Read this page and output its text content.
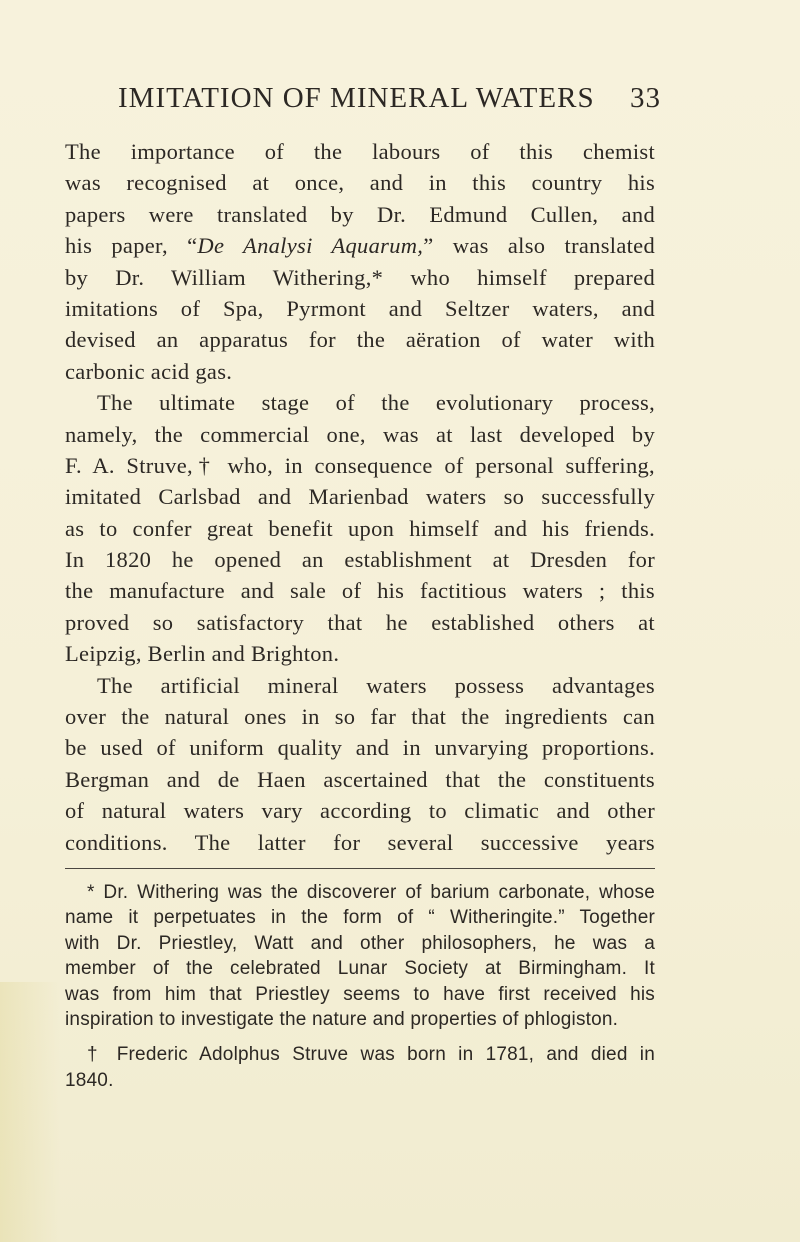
IMITATION OF MINERAL WATERS 33
The importance of the labours of this chemist
was recognised at once, and in this country his
papers were translated by Dr. Edmund Cullen, and
his paper, “De Analysi Aquarum,” was also translated
by Dr. William Withering,* who himself prepared
imitations of Spa, Pyrmont and Seltzer waters, and
devised an apparatus for the aëration of water with
carbonic acid gas.
The ultimate stage of the evolutionary process,
namely, the commercial one, was at last developed by
F. A. Struve,† who, in consequence of personal suffering,
imitated Carlsbad and Marienbad waters so successfully
as to confer great benefit upon himself and his friends.
In 1820 he opened an establishment at Dresden for
the manufacture and sale of his factitious waters ; this
proved so satisfactory that he established others at
Leipzig, Berlin and Brighton.
The artificial mineral waters possess advantages
over the natural ones in so far that the ingredients can
be used of uniform quality and in unvarying proportions.
Bergman and de Haen ascertained that the constituents
of natural waters vary according to climatic and other
conditions. The latter for several successive years
* Dr. Withering was the discoverer of barium carbonate, whose
name it perpetuates in the form of “ Witheringite.” Together
with Dr. Priestley, Watt and other philosophers, he was a
member of the celebrated Lunar Society at Birmingham. It
was from him that Priestley seems to have first received his
inspiration to investigate the nature and properties of phlogiston.
† Frederic Adolphus Struve was born in 1781, and died in
1840.
